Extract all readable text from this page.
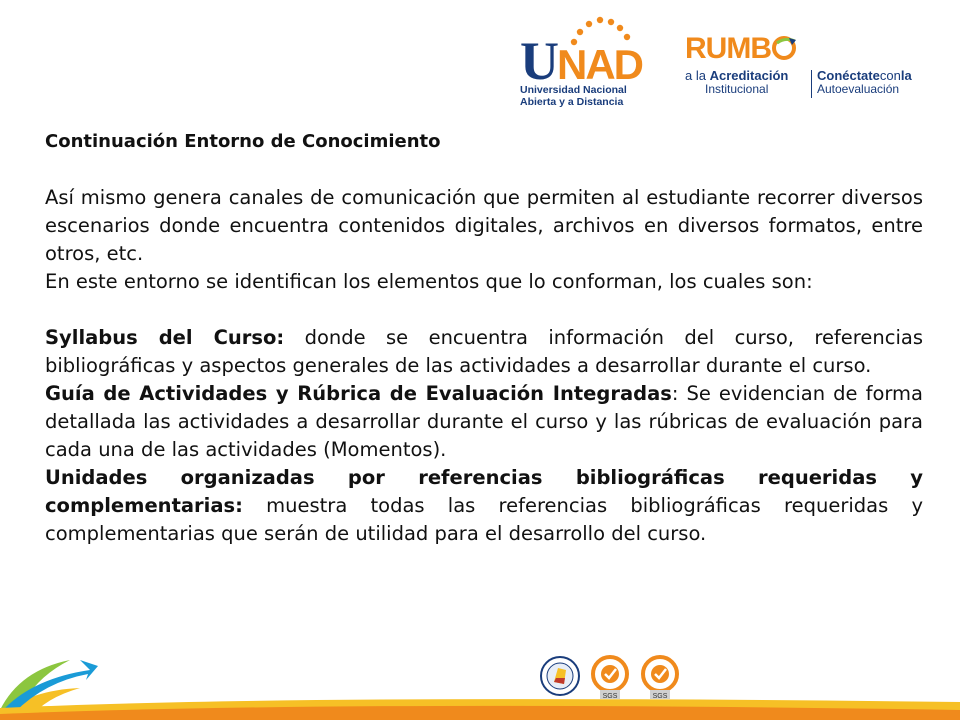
UNAD
Universidad Nacional
Abierta y a Distancia
RUMB
a la Acreditación
Institucional
Conéctateconla
Autoevaluación
Continuación Entorno de Conocimiento

Así mismo genera canales de comunicación que permiten al estudiante recorrer diversos escenarios donde encuentra contenidos digitales, archivos en diversos formatos, entre otros, etc.

En este entorno se identifican los elementos que lo conforman, los cuales son:

Syllabus del Curso: donde se encuentra información del curso, referencias bibliográficas y aspectos generales de las actividades a desarrollar durante el curso.

Guía de Actividades y Rúbrica de Evaluación Integradas: Se evidencian de forma detallada las actividades a desarrollar durante el curso y las rúbricas de evaluación para cada una de las actividades (Momentos).

Unidades organizadas por referencias bibliográficas requeridas y complementarias: muestra todas las referencias bibliográficas requeridas y complementarias que serán de utilidad para el desarrollo del curso.

SGS	SGS
